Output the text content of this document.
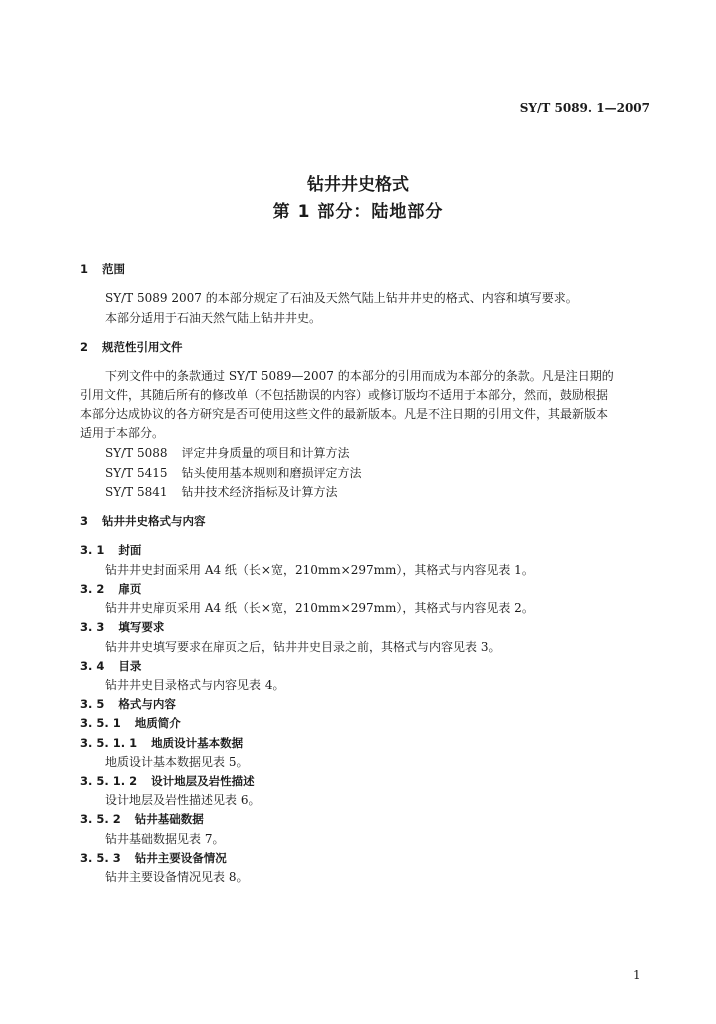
SY/T 5089. 1—2007
钻井井史格式
第 1 部分：陆地部分
1 范围
SY/T 5089 2007 的本部分规定了石油及天然气陆上钻井井史的格式、内容和填写要求。
本部分适用于石油天然气陆上钻井井史。
2 规范性引用文件
下列文件中的条款通过 SY/T 5089—2007 的本部分的引用而成为本部分的条款。凡是注日期的
引用文件，其随后所有的修改单（不包括勘误的内容）或修订版均不适用于本部分，然而，鼓励根据
本部分达成协议的各方研究是否可使用这些文件的最新版本。凡是不注日期的引用文件，其最新版本
适用于本部分。
SY/T 5088 评定井身质量的项目和计算方法
SY/T 5415 钻头使用基本规则和磨损评定方法
SY/T 5841 钻井技术经济指标及计算方法
3 钻井井史格式与内容
3. 1 封面
钻井井史封面采用 A4 纸（长×宽，210mm×297mm），其格式与内容见表 1。
3. 2 扉页
钻井井史扉页采用 A4 纸（长×宽，210mm×297mm），其格式与内容见表 2。
3. 3 填写要求
钻井井史填写要求在扉页之后，钻井井史目录之前，其格式与内容见表 3。
3. 4 目录
钻井井史目录格式与内容见表 4。
3. 5 格式与内容
3. 5. 1 地质简介
3. 5. 1. 1 地质设计基本数据
地质设计基本数据见表 5。
3. 5. 1. 2 设计地层及岩性描述
设计地层及岩性描述见表 6。
3. 5. 2 钻井基础数据
钻井基础数据见表 7。
3. 5. 3 钻井主要设备情况
钻井主要设备情况见表 8。
1
